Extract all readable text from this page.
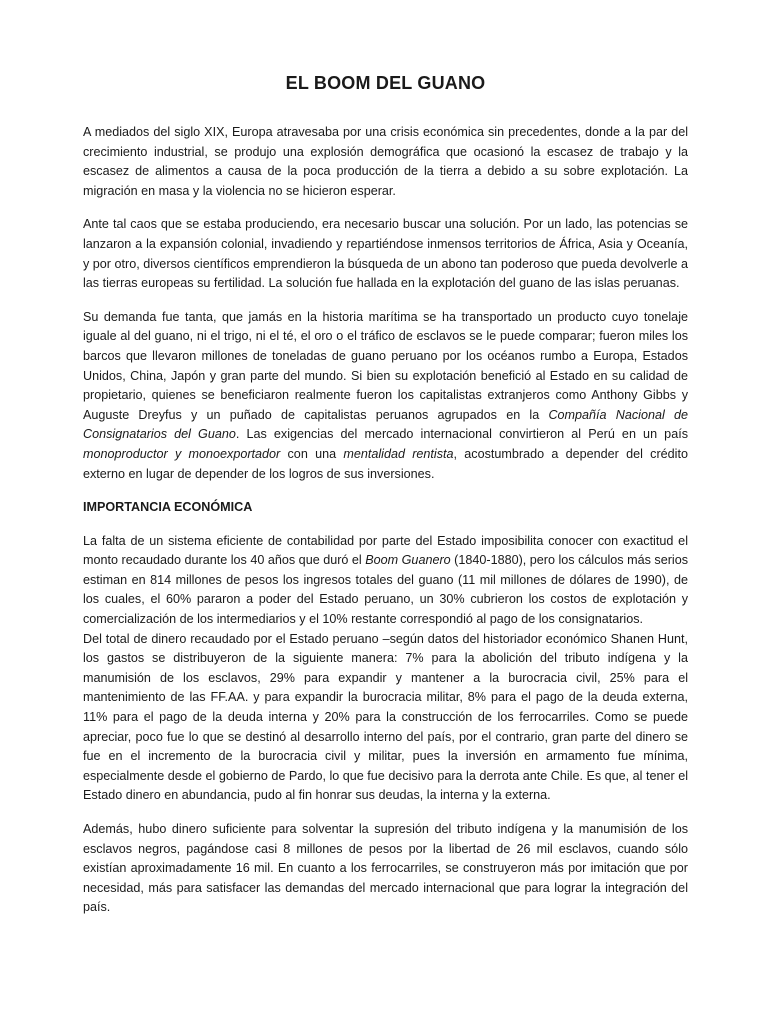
EL BOOM DEL GUANO

A mediados del siglo XIX, Europa atravesaba por una crisis económica sin precedentes, donde a la par del crecimiento industrial, se produjo una explosión demográfica que ocasionó la escasez de trabajo y la escasez de alimentos a causa de la poca producción de la tierra a debido a su sobre explotación. La migración en masa y la violencia no se hicieron esperar.

Ante tal caos que se estaba produciendo, era necesario buscar una solución. Por un lado, las potencias se lanzaron a la expansión colonial, invadiendo y repartiéndose inmensos territorios de África, Asia y Oceanía, y por otro, diversos científicos emprendieron la búsqueda de un abono tan poderoso que pueda devolverle a las tierras europeas su fertilidad. La solución fue hallada en la explotación del guano de las islas peruanas.

Su demanda fue tanta, que jamás en la historia marítima se ha transportado un producto cuyo tonelaje iguale al del guano, ni el trigo, ni el té, el oro o el tráfico de esclavos se le puede comparar; fueron miles los barcos que llevaron millones de toneladas de guano peruano por los océanos rumbo a Europa, Estados Unidos, China, Japón y gran parte del mundo. Si bien su explotación benefició al Estado en su calidad de propietario, quienes se beneficiaron realmente fueron los capitalistas extranjeros como Anthony Gibbs y Auguste Dreyfus y un puñado de capitalistas peruanos agrupados en la Compañía Nacional de Consignatarios del Guano. Las exigencias del mercado internacional convirtieron al Perú en un país monoproductor y monoexportador con una mentalidad rentista, acostumbrado a depender del crédito externo en lugar de depender de los logros de sus inversiones.

IMPORTANCIA ECONÓMICA

La falta de un sistema eficiente de contabilidad por parte del Estado imposibilita conocer con exactitud el monto recaudado durante los 40 años que duró el Boom Guanero (1840-1880), pero los cálculos más serios estiman en 814 millones de pesos los ingresos totales del guano (11 mil millones de dólares de 1990), de los cuales, el 60% pararon a poder del Estado peruano, un 30% cubrieron los costos de explotación y comercialización de los intermediarios y el 10% restante correspondió al pago de los consignatarios.

Del total de dinero recaudado por el Estado peruano –según datos del historiador económico Shanen Hunt, los gastos se distribuyeron de la siguiente manera: 7% para la abolición del tributo indígena y la manumisión de los esclavos, 29% para expandir y mantener a la burocracia civil, 25% para el mantenimiento de las FF.AA. y para expandir la burocracia militar, 8% para el pago de la deuda externa, 11% para el pago de la deuda interna y 20% para la construcción de los ferrocarriles. Como se puede apreciar, poco fue lo que se destinó al desarrollo interno del país, por el contrario, gran parte del dinero se fue en el incremento de la burocracia civil y militar, pues la inversión en armamento fue mínima, especialmente desde el gobierno de Pardo, lo que fue decisivo para la derrota ante Chile. Es que, al tener el Estado dinero en abundancia, pudo al fin honrar sus deudas, la interna y la externa.

Además, hubo dinero suficiente para solventar la supresión del tributo indígena y la manumisión de los esclavos negros, pagándose casi 8 millones de pesos por la libertad de 26 mil esclavos, cuando sólo existían aproximadamente 16 mil. En cuanto a los ferrocarriles, se construyeron más por imitación que por necesidad, más para satisfacer las demandas del mercado internacional que para lograr la integración del país.
